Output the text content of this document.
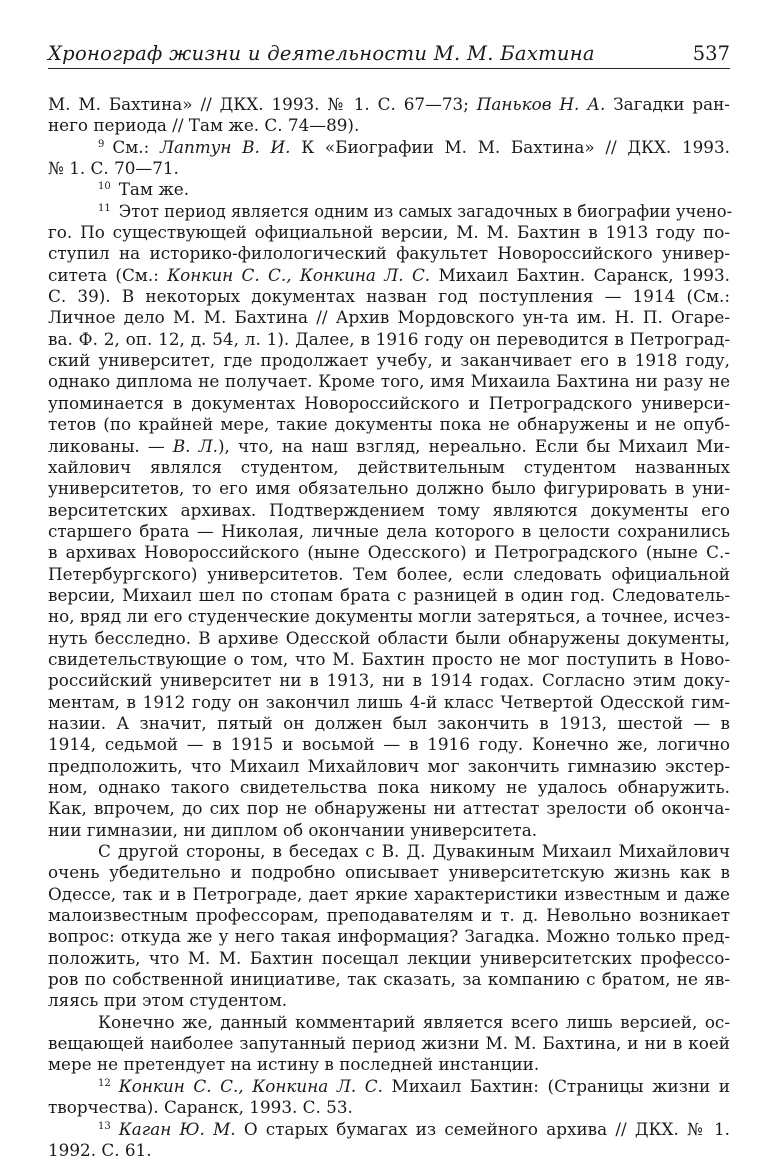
Хронограф жизни и деятельности М. М. Бахтина	537
М. М. Бахтина» // ДКХ. 1993. № 1. С. 67—73; Паньков Н. А. Загадки ран-
него периода // Там же. С. 74—89).
$^9$ См.: Лаптун В. И. К «Биографии М. М. Бахтина» // ДКХ. 1993.
№ 1. С. 70—71.
$^{10}$ Там же.
$^{11}$ Этот период является одним из самых загадочных в биографии учено-
го. По существующей официальной версии, М. М. Бахтин в 1913 году по-
ступил на историко-филологический факультет Новороссийского универ-
ситета (См.: Конкин С. С., Конкина Л. С. Михаил Бахтин. Саранск, 1993.
С. 39). В некоторых документах назван год поступления — 1914 (См.:
Личное дело М. М. Бахтина // Архив Мордовского ун-та им. Н. П. Огаре-
ва. Ф. 2, оп. 12, д. 54, л. 1). Далее, в 1916 году он переводится в Петроград-
ский университет, где продолжает учебу, и заканчивает его в 1918 году,
однако диплома не получает. Кроме того, имя Михаила Бахтина ни разу не
упоминается в документах Новороссийского и Петроградского универси-
тетов (по крайней мере, такие документы пока не обнаружены и не опуб-
ликованы. — В. Л.), что, на наш взгляд, нереально. Если бы Михаил Ми-
хайлович являлся студентом, действительным студентом названных
университетов, то его имя обязательно должно было фигурировать в уни-
верситетских архивах. Подтверждением тому являются документы его
старшего брата — Николая, личные дела которого в целости сохранились
в архивах Новороссийского (ныне Одесского) и Петроградского (ныне С.-
Петербургского) университетов. Тем более, если следовать официальной
версии, Михаил шел по стопам брата с разницей в один год. Следователь-
но, вряд ли его студенческие документы могли затеряться, а точнее, исчез-
нуть бесследно. В архиве Одесской области были обнаружены документы,
свидетельствующие о том, что М. Бахтин просто не мог поступить в Ново-
российский университет ни в 1913, ни в 1914 годах. Согласно этим доку-
ментам, в 1912 году он закончил лишь 4-й класс Четвертой Одесской гим-
назии. А значит, пятый он должен был закончить в 1913, шестой — в
1914, седьмой — в 1915 и восьмой — в 1916 году. Конечно же, логично
предположить, что Михаил Михайлович мог закончить гимназию экстер-
ном, однако такого свидетельства пока никому не удалось обнаружить.
Как, впрочем, до сих пор не обнаружены ни аттестат зрелости об оконча-
нии гимназии, ни диплом об окончании университета.
С другой стороны, в беседах с В. Д. Дувакиным Михаил Михайлович
очень убедительно и подробно описывает университетскую жизнь как в
Одессе, так и в Петрограде, дает яркие характеристики известным и даже
малоизвестным профессорам, преподавателям и т. д. Невольно возникает
вопрос: откуда же у него такая информация? Загадка. Можно только пред-
положить, что М. М. Бахтин посещал лекции университетских профессо-
ров по собственной инициативе, так сказать, за компанию с братом, не яв-
ляясь при этом студентом.
Конечно же, данный комментарий является всего лишь версией, ос-
вещающей наиболее запутанный период жизни М. М. Бахтина, и ни в коей
мере не претендует на истину в последней инстанции.
$^{12}$ Конкин С. С., Конкина Л. С. Михаил Бахтин: (Страницы жизни и
творчества). Саранск, 1993. С. 53.
$^{13}$ Каган Ю. М. О старых бумагах из семейного архива // ДКХ. № 1.
1992. С. 61.
